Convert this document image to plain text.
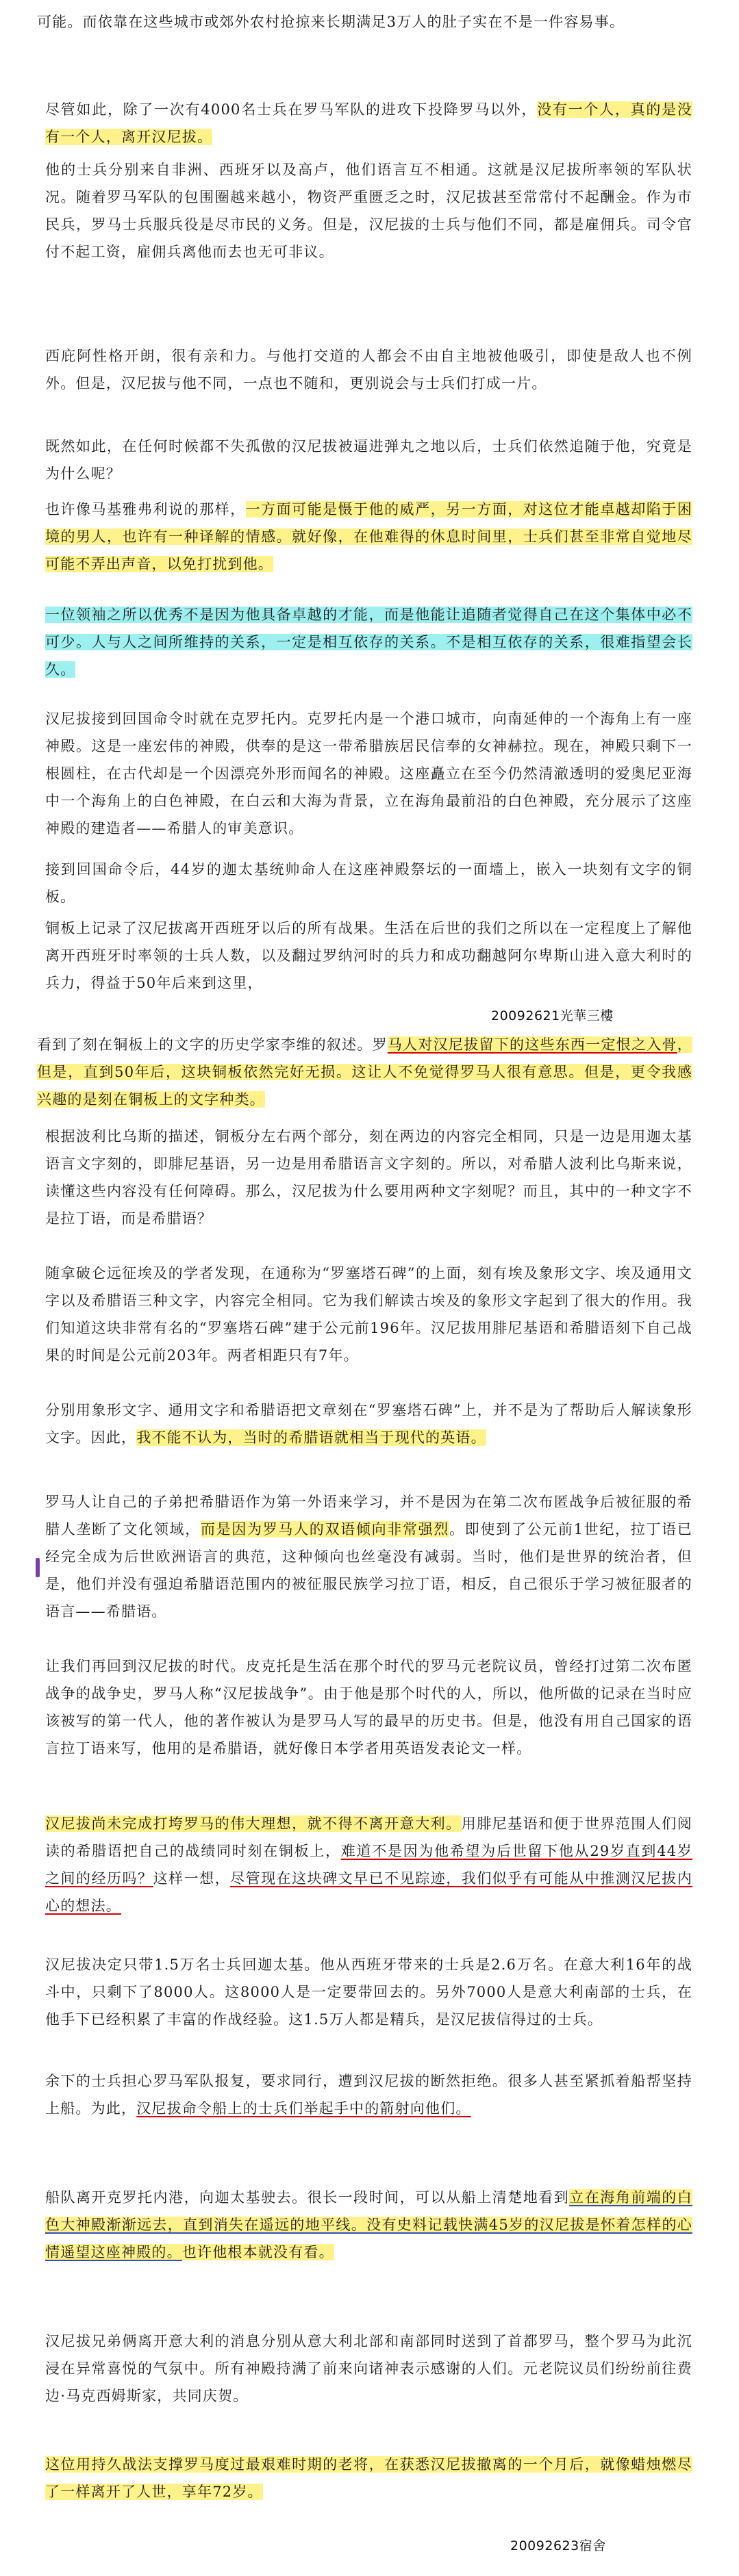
可能。而依靠在这些城市或郊外农村抢掠来长期满足3万人的肚子实在不是一件容易事。

尽管如此，除了一次有4000名士兵在罗马军队的进攻下投降罗马以外，没有一个人，真的是没有一个人，离开汉尼拔。

他的士兵分别来自非洲、西班牙以及高卢，他们语言互不相通。这就是汉尼拔所率领的军队状况。随着罗马军队的包围圈越来越小，物资严重匮乏之时，汉尼拔甚至常常付不起酬金。作为市民兵，罗马士兵服兵役是尽市民的义务。但是，汉尼拔的士兵与他们不同，都是雇佣兵。司令官付不起工资，雇佣兵离他而去也无可非议。

西庇阿性格开朗，很有亲和力。与他打交道的人都会不由自主地被他吸引，即使是敌人也不例外。但是，汉尼拔与他不同，一点也不随和，更别说会与士兵们打成一片。

既然如此，在任何时候都不失孤傲的汉尼拔被逼进弹丸之地以后，士兵们依然追随于他，究竟是为什么呢？

也许像马基雅弗利说的那样，一方面可能是慑于他的威严，另一方面，对这位才能卓越却陷于困境的男人，也许有一种译解的情感。就好像，在他难得的休息时间里，士兵们甚至非常自觉地尽可能不弄出声音，以免打扰到他。

一位领袖之所以优秀不是因为他具备卓越的才能，而是他能让追随者觉得自己在这个集体中必不可少。人与人之间所维持的关系，一定是相互依存的关系。不是相互依存的关系，很难指望会长久。

汉尼拔接到回国命令时就在克罗托内。克罗托内是一个港口城市，向南延伸的一个海角上有一座神殿。这是一座宏伟的神殿，供奉的是这一带希腊族居民信奉的女神赫拉。现在，神殿只剩下一根圆柱，在古代却是一个因漂亮外形而闻名的神殿。这座矗立在至今仍然清澈透明的爱奥尼亚海中一个海角上的白色神殿，在白云和大海为背景，立在海角最前沿的白色神殿，充分展示了这座神殿的建造者——希腊人的审美意识。

接到回国命令后，44岁的迦太基统帅命人在这座神殿祭坛的一面墙上，嵌入一块刻有文字的铜板。

铜板上记录了汉尼拔离开西班牙以后的所有战果。生活在后世的我们之所以在一定程度上了解他离开西班牙时率领的士兵人数，以及翻过罗纳河时的兵力和成功翻越阿尔卑斯山进入意大利时的兵力，得益于50年后来到这里，

20092621光華三樓

看到了刻在铜板上的文字的历史学家李维的叙述。罗马人对汉尼拔留下的这些东西一定恨之入骨，但是，直到50年后，这块铜板依然完好无损。这让人不免觉得罗马人很有意思。但是，更令我感兴趣的是刻在铜板上的文字种类。

根据波利比乌斯的描述，铜板分左右两个部分，刻在两边的内容完全相同，只是一边是用迦太基语言文字刻的，即腓尼基语，另一边是用希腊语言文字刻的。所以，对希腊人波利比乌斯来说，读懂这些内容没有任何障碍。那么，汉尼拔为什么要用两种文字刻呢？而且，其中的一种文字不是拉丁语，而是希腊语？

随拿破仑远征埃及的学者发现，在通称为“罗塞塔石碑”的上面，刻有埃及象形文字、埃及通用文字以及希腊语三种文字，内容完全相同。它为我们解读古埃及的象形文字起到了很大的作用。我们知道这块非常有名的“罗塞塔石碑”建于公元前196年。汉尼拔用腓尼基语和希腊语刻下自己战果的时间是公元前203年。两者相距只有7年。

分别用象形文字、通用文字和希腊语把文章刻在“罗塞塔石碑”上，并不是为了帮助后人解读象形文字。因此，我不能不认为，当时的希腊语就相当于现代的英语。

罗马人让自己的子弟把希腊语作为第一外语来学习，并不是因为在第二次布匿战争后被征服的希腊人垄断了文化领域，而是因为罗马人的双语倾向非常强烈。即使到了公元前1世纪，拉丁语已经完全成为后世欧洲语言的典范，这种倾向也丝毫没有减弱。当时，他们是世界的统治者，但是，他们并没有强迫希腊语范围内的被征服民族学习拉丁语，相反，自己很乐于学习被征服者的语言——希腊语。

让我们再回到汉尼拔的时代。皮克托是生活在那个时代的罗马元老院议员，曾经打过第二次布匿战争的战争史，罗马人称“汉尼拔战争”。由于他是那个时代的人，所以，他所做的记录在当时应该被写的第一代人，他的著作被认为是罗马人写的最早的历史书。但是，他没有用自己国家的语言拉丁语来写，他用的是希腊语，就好像日本学者用英语发表论文一样。

汉尼拔尚未完成打垮罗马的伟大理想，就不得不离开意大利。用腓尼基语和便于世界范围人们阅读的希腊语把自己的战绩同时刻在铜板上，难道不是因为他希望为后世留下他从29岁直到44岁之间的经历吗？这样一想，尽管现在这块碑文早已不见踪迹，我们似乎有可能从中推测汉尼拔内心的想法。

汉尼拔决定只带1.5万名士兵回迦太基。他从西班牙带来的士兵是2.6万名。在意大利16年的战斗中，只剩下了8000人。这8000人是一定要带回去的。另外7000人是意大利南部的士兵，在他手下已经积累了丰富的作战经验。这1.5万人都是精兵，是汉尼拔信得过的士兵。

余下的士兵担心罗马军队报复，要求同行，遭到汉尼拔的断然拒绝。很多人甚至紧抓着船帮坚持上船。为此，汉尼拔命令船上的士兵们举起手中的箭射向他们。

船队离开克罗托内港，向迦太基驶去。很长一段时间，可以从船上清楚地看到立在海角前端的白色大神殿渐渐远去，直到消失在遥远的地平线。没有史料记载快满45岁的汉尼拔是怀着怎样的心情遥望这座神殿的。也许他根本就没有看。

汉尼拔兄弟俩离开意大利的消息分别从意大利北部和南部同时送到了首都罗马，整个罗马为此沉浸在异常喜悦的气氛中。所有神殿持满了前来向诸神表示感谢的人们。元老院议员们纷纷前往费边·马克西姆斯家，共同庆贺。

这位用持久战法支撑罗马度过最艰难时期的老将，在获悉汉尼拔撤离的一个月后，就像蜡烛燃尽了一样离开了人世，享年72岁。

20092623宿舍
